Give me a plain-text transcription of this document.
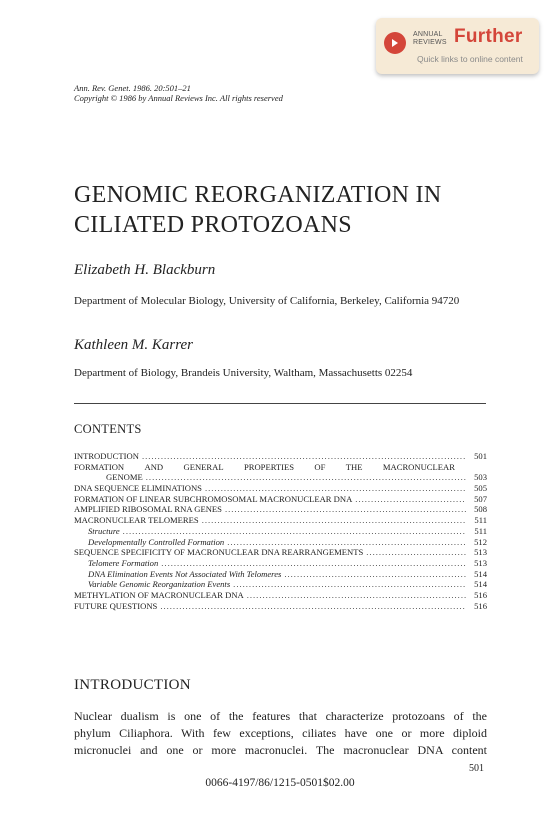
ANNUAL
REVIEWS Further
Quick links to online content
Ann. Rev. Genet. 1986. 20:501–21
Copyright © 1986 by Annual Reviews Inc. All rights reserved
GENOMIC REORGANIZATION IN
CILIATED PROTOZOANS
Elizabeth H. Blackburn
Department of Molecular Biology, University of California, Berkeley, California 94720
Kathleen M. Karrer
Department of Biology, Brandeis University, Waltham, Massachusetts 02254
CONTENTS
INTRODUCTION .....	501
FORMATION AND GENERAL PROPERTIES OF THE MACRONUCLEAR
GENOME .....	503
DNA SEQUENCE ELIMINATIONS .....	505
FORMATION OF LINEAR SUBCHROMOSOMAL MACRONUCLEAR DNA .....	507
AMPLIFIED RIBOSOMAL RNA GENES .....	508
MACRONUCLEAR TELOMERES .....	511
Structure .....	511
Developmentally Controlled Formation .....	512
SEQUENCE SPECIFICITY OF MACRONUCLEAR DNA REARRANGEMENTS .....	513
Telomere Formation .....	513
DNA Elimination Events Not Associated With Telomeres .....	514
Variable Genomic Reorganization Events .....	514
METHYLATION OF MACRONUCLEAR DNA .....	516
FUTURE QUESTIONS .....	516
INTRODUCTION
Nuclear dualism is one of the features that characterize protozoans of the
phylum Ciliaphora. With few exceptions, ciliates have one or more diploid
micronuclei and one or more macronuclei. The macronuclear DNA content
501
0066-4197/86/1215-0501$02.00
